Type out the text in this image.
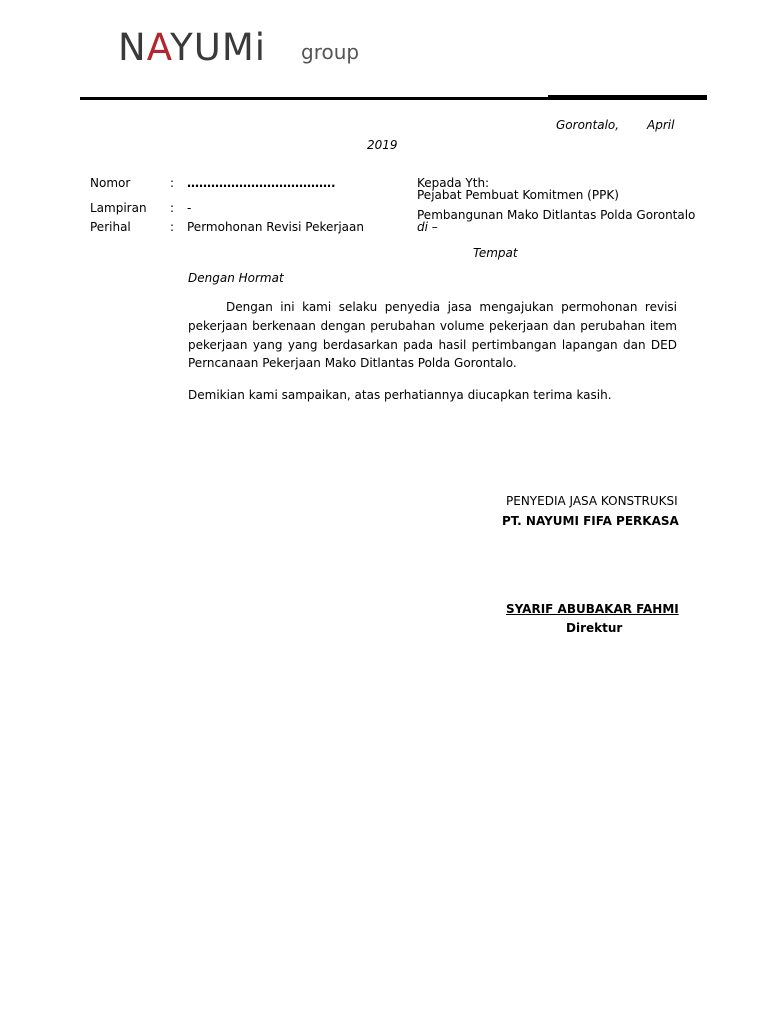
NAYUMi group
Gorontalo, April
2019
Nomor	: ……………………………….
Lampiran : -
Perihal	: Permohonan Revisi Pekerjaan
Kepada Yth:
Pejabat Pembuat Komitmen (PPK)
Pembangunan Mako Ditlantas Polda Gorontalo
di –
Tempat
Dengan Hormat
Dengan ini kami selaku penyedia jasa mengajukan permohonan revisi pekerjaan berkenaan dengan perubahan volume pekerjaan dan perubahan item pekerjaan yang yang berdasarkan pada hasil pertimbangan lapangan dan DED Perncanaan Pekerjaan Mako Ditlantas Polda Gorontalo.
Demikian kami sampaikan, atas perhatiannya diucapkan terima kasih.
PENYEDIA JASA KONSTRUKSI
PT. NAYUMI FIFA PERKASA
SYARIF ABUBAKAR FAHMI
Direktur
